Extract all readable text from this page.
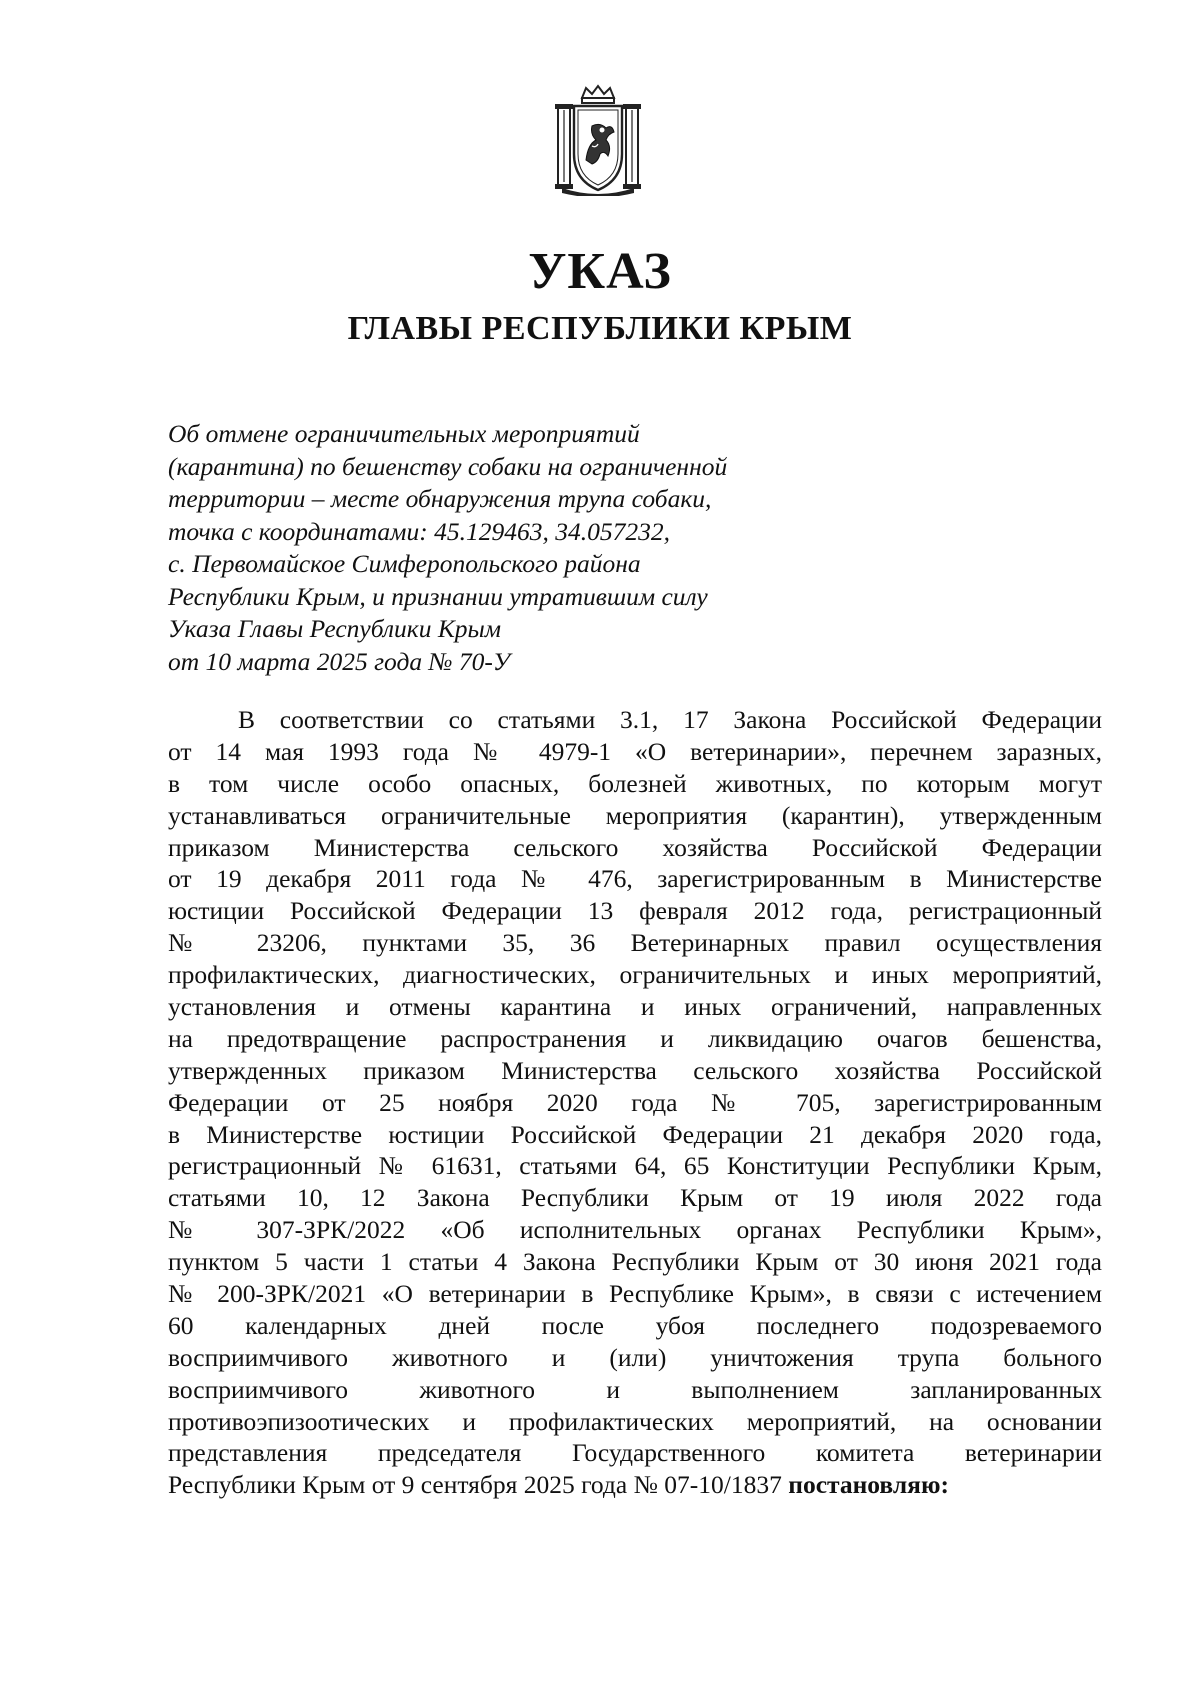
УКАЗ
ГЛАВЫ РЕСПУБЛИКИ КРЫМ
Об отмене ограничительных мероприятий
(карантина) по бешенству собаки на ограниченной
территории – месте обнаружения трупа собаки,
точка с координатами: 45.129463, 34.057232,
с. Первомайское Симферопольского района
Республики Крым, и признании утратившим силу
Указа Главы Республики Крым
от 10 марта 2025 года № 70-У
В соответствии со статьями 3.1, 17 Закона Российской Федерации
от 14 мая 1993 года № 4979-1 «О ветеринарии», перечнем заразных,
в том числе особо опасных, болезней животных, по которым могут
устанавливаться ограничительные мероприятия (карантин), утвержденным
приказом Министерства сельского хозяйства Российской Федерации
от 19 декабря 2011 года № 476, зарегистрированным в Министерстве
юстиции Российской Федерации 13 февраля 2012 года, регистрационный
№ 23206, пунктами 35, 36 Ветеринарных правил осуществления
профилактических, диагностических, ограничительных и иных мероприятий,
установления и отмены карантина и иных ограничений, направленных
на предотвращение распространения и ликвидацию очагов бешенства,
утвержденных приказом Министерства сельского хозяйства Российской
Федерации от 25 ноября 2020 года № 705, зарегистрированным
в Министерстве юстиции Российской Федерации 21 декабря 2020 года,
регистрационный № 61631, статьями 64, 65 Конституции Республики Крым,
статьями 10, 12 Закона Республики Крым от 19 июля 2022 года
№ 307-ЗРК/2022 «Об исполнительных органах Республики Крым»,
пунктом 5 части 1 статьи 4 Закона Республики Крым от 30 июня 2021 года
№ 200-ЗРК/2021 «О ветеринарии в Республике Крым», в связи с истечением
60 календарных дней после убоя последнего подозреваемого
восприимчивого животного и (или) уничтожения трупа больного
восприимчивого животного и выполнением запланированных
противоэпизоотических и профилактических мероприятий, на основании
представления председателя Государственного комитета ветеринарии
Республики Крым от 9 сентября 2025 года № 07-10/1837 постановляю:
